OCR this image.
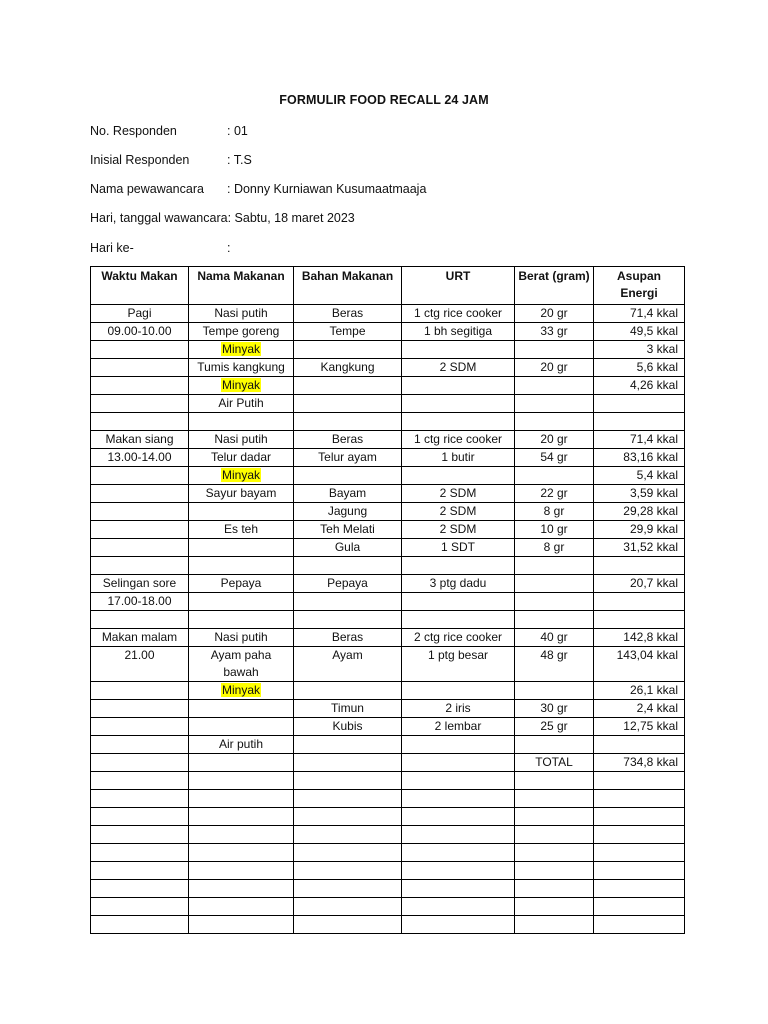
FORMULIR FOOD RECALL 24 JAM
No. Responden	: 01
Inisial Responden	: T.S
Nama pewawancara : Donny Kurniawan Kusumaatmaaja
Hari, tanggal wawancara: Sabtu, 18 maret 2023
Hari ke-	:
Waktu Makan	Nama Makanan	Bahan Makanan	URT	Berat (gram)	Asupan Energi
Pagi	Nasi putih	Beras	1 ctg rice cooker	20 gr	71,4 kkal
09.00-10.00	Tempe goreng	Tempe	1 bh segitiga	33 gr	49,5 kkal
	Minyak				3 kkal
	Tumis kangkung	Kangkung	2 SDM	20 gr	5,6 kkal
	Minyak				4,26 kkal
	Air Putih				

Makan siang	Nasi putih	Beras	1 ctg rice cooker	20 gr	71,4 kkal
13.00-14.00	Telur dadar	Telur ayam	1 butir	54 gr	83,16 kkal
	Minyak				5,4 kkal
	Sayur bayam	Bayam	2 SDM	22 gr	3,59 kkal
		Jagung	2 SDM	8 gr	29,28 kkal
	Es teh	Teh Melati	2 SDM	10 gr	29,9 kkal
		Gula	1 SDT	8 gr	31,52 kkal

Selingan sore	Pepaya	Pepaya	3 ptg dadu		20,7 kkal
17.00-18.00					

Makan malam	Nasi putih	Beras	2 ctg rice cooker	40 gr	142,8 kkal
21.00	Ayam paha bawah	Ayam	1 ptg besar	48 gr	143,04 kkal
	Minyak				26,1 kkal
		Timun	2 iris	30 gr	2,4 kkal
		Kubis	2 lembar	25 gr	12,75 kkal
	Air putih				
				TOTAL	734,8 kkal
